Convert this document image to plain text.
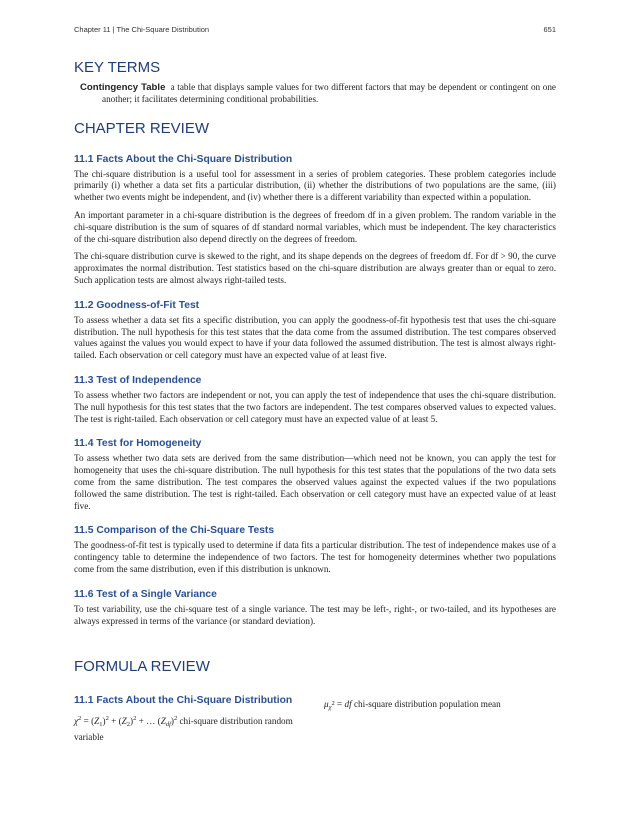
Chapter 11 | The Chi-Square Distribution	651
KEY TERMS
Contingency Table a table that displays sample values for two different factors that may be dependent or contingent on one another; it facilitates determining conditional probabilities.
CHAPTER REVIEW
11.1 Facts About the Chi-Square Distribution

The chi-square distribution is a useful tool for assessment in a series of problem categories. These problem categories include primarily (i) whether a data set fits a particular distribution, (ii) whether the distributions of two populations are the same, (iii) whether two events might be independent, and (iv) whether there is a different variability than expected within a population.

An important parameter in a chi-square distribution is the degrees of freedom df in a given problem. The random variable in the chi-square distribution is the sum of squares of df standard normal variables, which must be independent. The key characteristics of the chi-square distribution also depend directly on the degrees of freedom.

The chi-square distribution curve is skewed to the right, and its shape depends on the degrees of freedom df. For df > 90, the curve approximates the normal distribution. Test statistics based on the chi-square distribution are always greater than or equal to zero. Such application tests are almost always right-tailed tests.

11.2 Goodness-of-Fit Test

To assess whether a data set fits a specific distribution, you can apply the goodness-of-fit hypothesis test that uses the chi-square distribution. The null hypothesis for this test states that the data come from the assumed distribution. The test compares observed values against the values you would expect to have if your data followed the assumed distribution. The test is almost always right-tailed. Each observation or cell category must have an expected value of at least five.

11.3 Test of Independence

To assess whether two factors are independent or not, you can apply the test of independence that uses the chi-square distribution. The null hypothesis for this test states that the two factors are independent. The test compares observed values to expected values. The test is right-tailed. Each observation or cell category must have an expected value of at least 5.

11.4 Test for Homogeneity

To assess whether two data sets are derived from the same distribution—which need not be known, you can apply the test for homogeneity that uses the chi-square distribution. The null hypothesis for this test states that the populations of the two data sets come from the same distribution. The test compares the observed values against the expected values if the two populations followed the same distribution. The test is right-tailed. Each observation or cell category must have an expected value of at least five.

11.5 Comparison of the Chi-Square Tests

The goodness-of-fit test is typically used to determine if data fits a particular distribution. The test of independence makes use of a contingency table to determine the independence of two factors. The test for homogeneity determines whether two populations come from the same distribution, even if this distribution is unknown.

11.6 Test of a Single Variance

To test variability, use the chi-square test of a single variance. The test may be left-, right-, or two-tailed, and its hypotheses are always expressed in terms of the variance (or standard deviation).

FORMULA REVIEW
11.1 Facts About the Chi-Square Distribution
$\chi^2 = (Z_1)^2 + (Z_2)^2$ + … $(Z_{df})^2$ chi-square distribution random variable
$\mu_{\chi^2}$ = df chi-square distribution population mean
